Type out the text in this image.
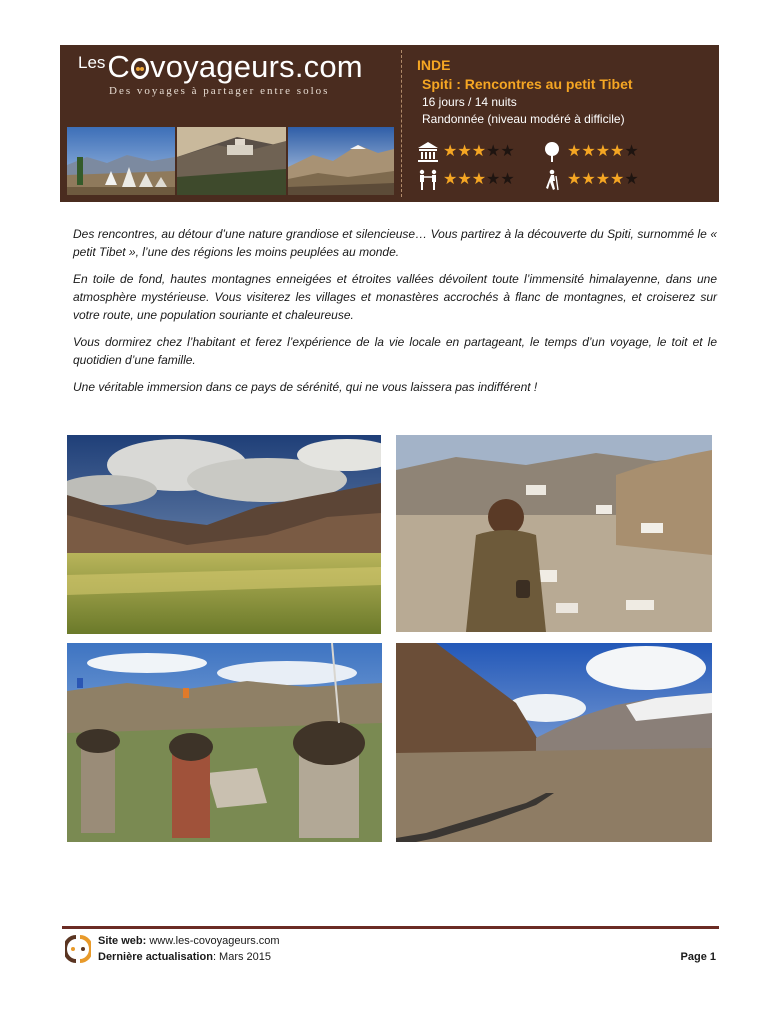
LesC voyageurs.com
Des voyages à partager entre solos
INDE
Spiti : Rencontres au petit Tibet
16 jours / 14 nuits
Randonnée (niveau modéré à difficile)
★★★★★	★★★★★
★★★★★	★★★★★

Des rencontres, au détour d’une nature grandiose et silencieuse… Vous partirez à la découverte du Spiti, surnommé le « petit Tibet », l’une des régions les moins peuplées au monde.

En toile de fond, hautes montagnes enneigées et étroites vallées dévoilent toute l’immensité himalayenne, dans une atmosphère mystérieuse. Vous visiterez les villages et monastères accrochés à flanc de montagnes, et croiserez sur votre route, une population souriante et chaleureuse.

Vous dormirez chez l’habitant et ferez l’expérience de la vie locale en partageant, le temps d’un voyage, le toit et le quotidien d’une famille.

Une véritable immersion dans ce pays de sérénité, qui ne vous laissera pas indifférent !

Site web: www.les-covoyageurs.com
Dernière actualisation: Mars 2015	Page 1
